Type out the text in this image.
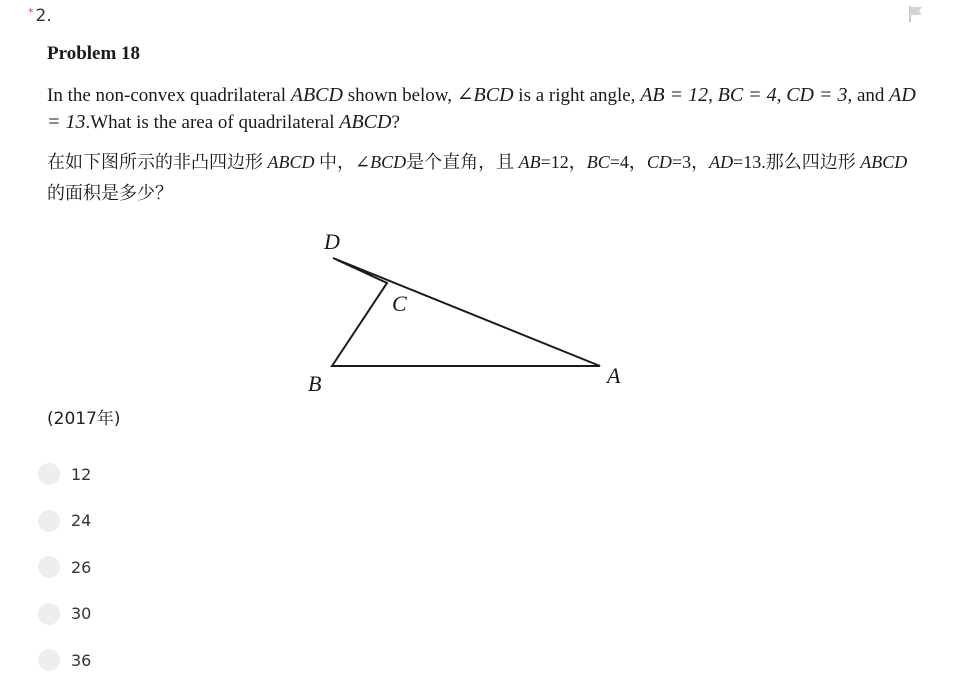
* 2.
Problem 18
In the non-convex quadrilateral ABCD shown below, ∠BCD is a right angle, AB = 12, BC = 4, CD = 3, and AD = 13.What is the area of quadrilateral ABCD?
在如下图所示的非凸四边形 ABCD 中，∠BCD是个直角，且 AB=12，BC=4，CD=3，AD=13.那么四边形 ABCD 的面积是多少？
D
C
B	A
(2017年)
12
24
26
30
36
